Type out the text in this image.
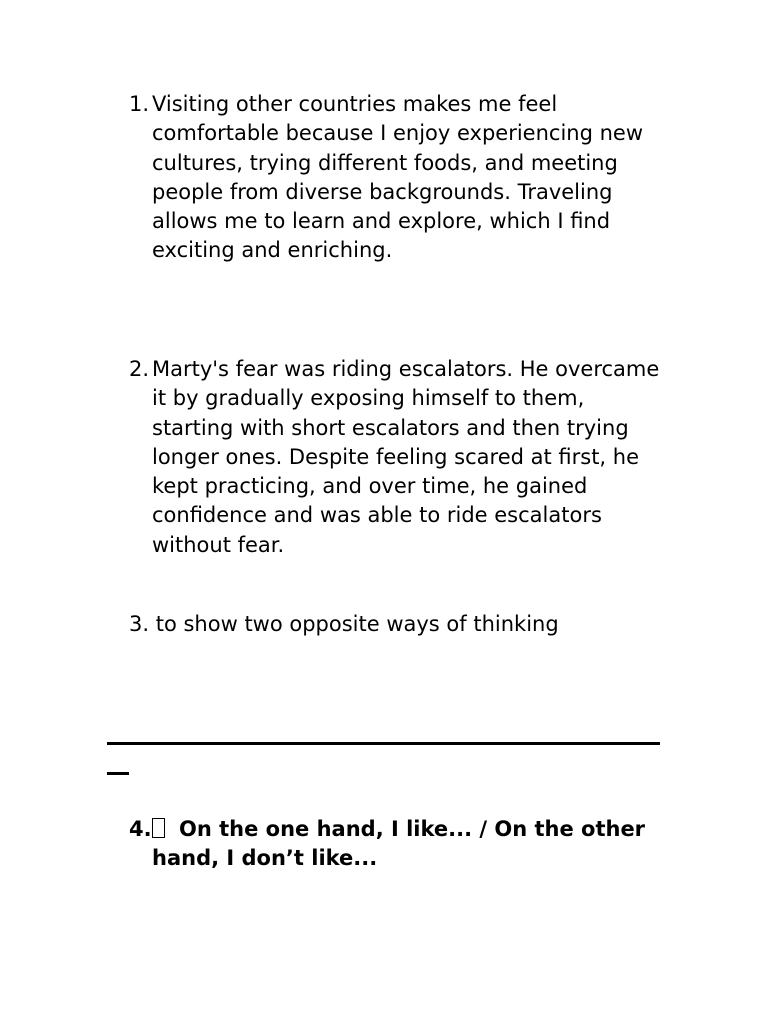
1. Visiting other countries makes me feel comfortable because I enjoy experiencing new cultures, trying different foods, and meeting people from diverse backgrounds. Traveling allows me to learn and explore, which I find exciting and enriching.
2. Marty's fear was riding escalators. He overcame it by gradually exposing himself to them, starting with short escalators and then trying longer ones. Despite feeling scared at first, he kept practicing, and over time, he gained confidence and was able to ride escalators without fear.
3. to show two opposite ways of thinking
4.	On the one hand, I like... / On the other hand, I don’t like...
